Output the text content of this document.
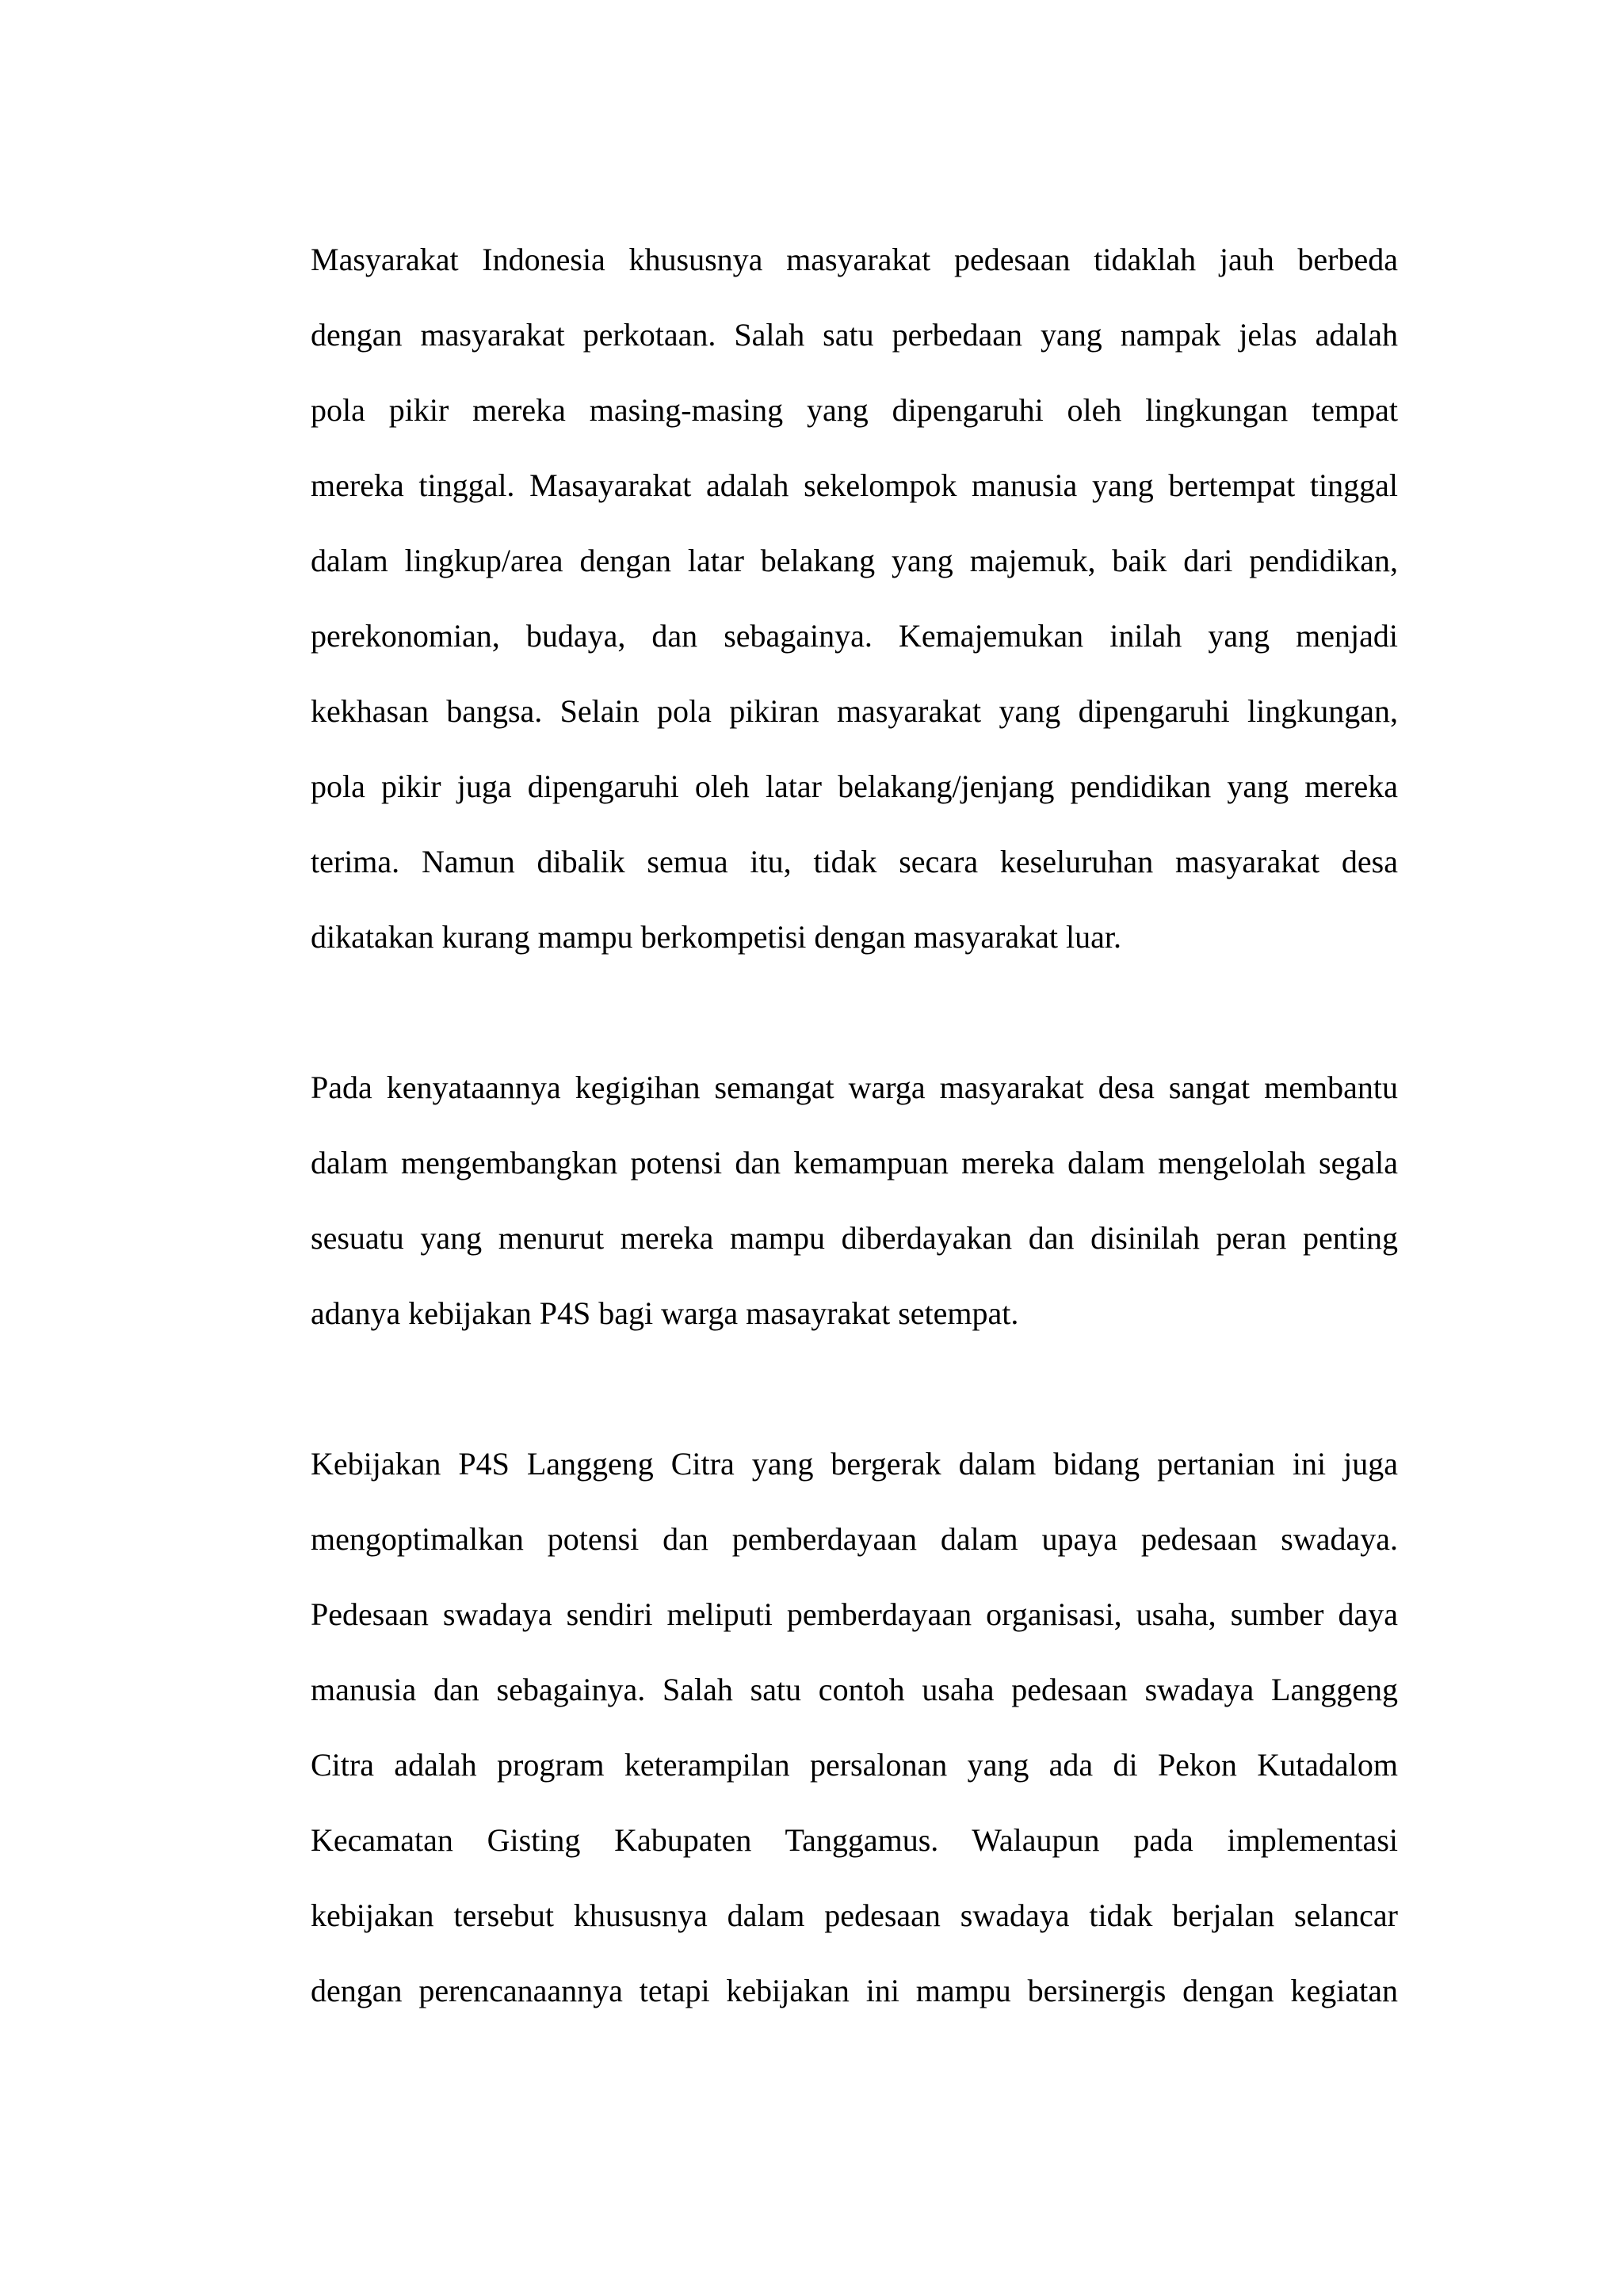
Masyarakat Indonesia khususnya masyarakat pedesaan tidaklah jauh berbeda
dengan masyarakat perkotaan. Salah satu perbedaan yang nampak jelas adalah
pola pikir mereka masing-masing yang dipengaruhi oleh lingkungan tempat
mereka tinggal. Masayarakat adalah sekelompok manusia yang bertempat tinggal
dalam lingkup/area dengan latar belakang yang majemuk, baik dari pendidikan,
perekonomian, budaya, dan sebagainya. Kemajemukan inilah yang menjadi
kekhasan bangsa. Selain pola pikiran masyarakat yang dipengaruhi lingkungan,
pola pikir juga dipengaruhi oleh latar belakang/jenjang pendidikan yang mereka
terima. Namun dibalik semua itu, tidak secara keseluruhan masyarakat desa
dikatakan kurang mampu berkompetisi dengan masyarakat luar.
Pada kenyataannya kegigihan semangat warga masyarakat desa sangat membantu
dalam mengembangkan potensi dan kemampuan mereka dalam mengelolah segala
sesuatu yang menurut mereka mampu diberdayakan dan disinilah peran penting
adanya kebijakan P4S bagi warga masayrakat setempat.
Kebijakan P4S Langgeng Citra yang bergerak dalam bidang pertanian ini juga
mengoptimalkan potensi dan pemberdayaan dalam upaya pedesaan swadaya.
Pedesaan swadaya sendiri meliputi pemberdayaan organisasi, usaha, sumber daya
manusia dan sebagainya. Salah satu contoh usaha pedesaan swadaya Langgeng
Citra adalah program keterampilan persalonan yang ada di Pekon Kutadalom
Kecamatan Gisting Kabupaten Tanggamus. Walaupun pada implementasi
kebijakan tersebut khususnya dalam pedesaan swadaya tidak berjalan selancar
dengan perencanaannya tetapi kebijakan ini mampu bersinergis dengan kegiatan
